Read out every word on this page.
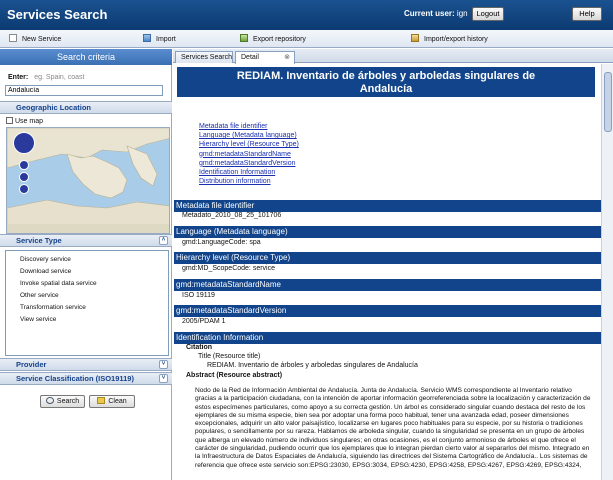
Services Search	Current user: ign	Logout	Help
New Service	Import	Export repository	Import/export history
Search criteria
Enter: eg. Spain, coast
Andalucía
Geographic Location
Use map
Service Type	˄
Discovery service
Download service
Invoke spatial data service
Other service
Transformation service
View service
Provider	˅
Service Classification (ISO19119)	˅
Search	Clean
Services Search	Detail	⊗
REDIAM. Inventario de árboles y arboledas singulares de
Andalucía
Metadata file identifier
Language (Metadata language)
Hierarchy level (Resource Type)
gmd:metadataStandardName
gmd:metadataStandardVersion
Identification Information
Distribution information
Metadata file identifier
Metadato_2010_08_25_101706
Language (Metadata language)
gmd:LanguageCode: spa
Hierarchy level (Resource Type)
gmd:MD_ScopeCode: service
gmd:metadataStandardName
ISO 19119
gmd:metadataStandardVersion
2005/PDAM 1
Identification Information
Citation
Title (Resource title)
REDIAM. Inventario de árboles y arboledas singulares de Andalucía
Abstract (Resource abstract)
Nodo de la Red de Información Ambiental de Andalucía. Junta de Andalucía. Servicio WMS correspondiente al Inventario relativo gracias a la participación ciudadana, con la intención de aportar información georreferenciada sobre la localización y caracterización de estos especímenes particulares, como apoyo a su correcta gestión. Un árbol es considerado singular cuando destaca del resto de los ejemplares de su misma especie, bien sea por adoptar una forma poco habitual, tener una avanzada edad, poseer dimensiones excepcionales, adquirir un alto valor paisajístico, localizarse en lugares poco habituales para su especie, por su historia o tradiciones populares, o sencillamente por su rareza. Hablamos de arboleda singular, cuando la singularidad se presenta en un grupo de árboles que alberga un elevado número de individuos singulares; en otras ocasiones, es el conjunto armonioso de árboles el que ofrece el carácter de singularidad, pudiendo ocurrir que los ejemplares que lo integran pierdan cierto valor al separarlos del mismo. Integrado en la Infraestructura de Datos Espaciales de Andalucía, siguiendo las directrices del Sistema Cartográfico de Andalucía.. Los sistemas de referencia que ofrece este servicio son:EPSG:23030, EPSG:3034, EPSG:4230, EPSG:4258, EPSG:4267, EPSG:4269, EPSG:4324,
